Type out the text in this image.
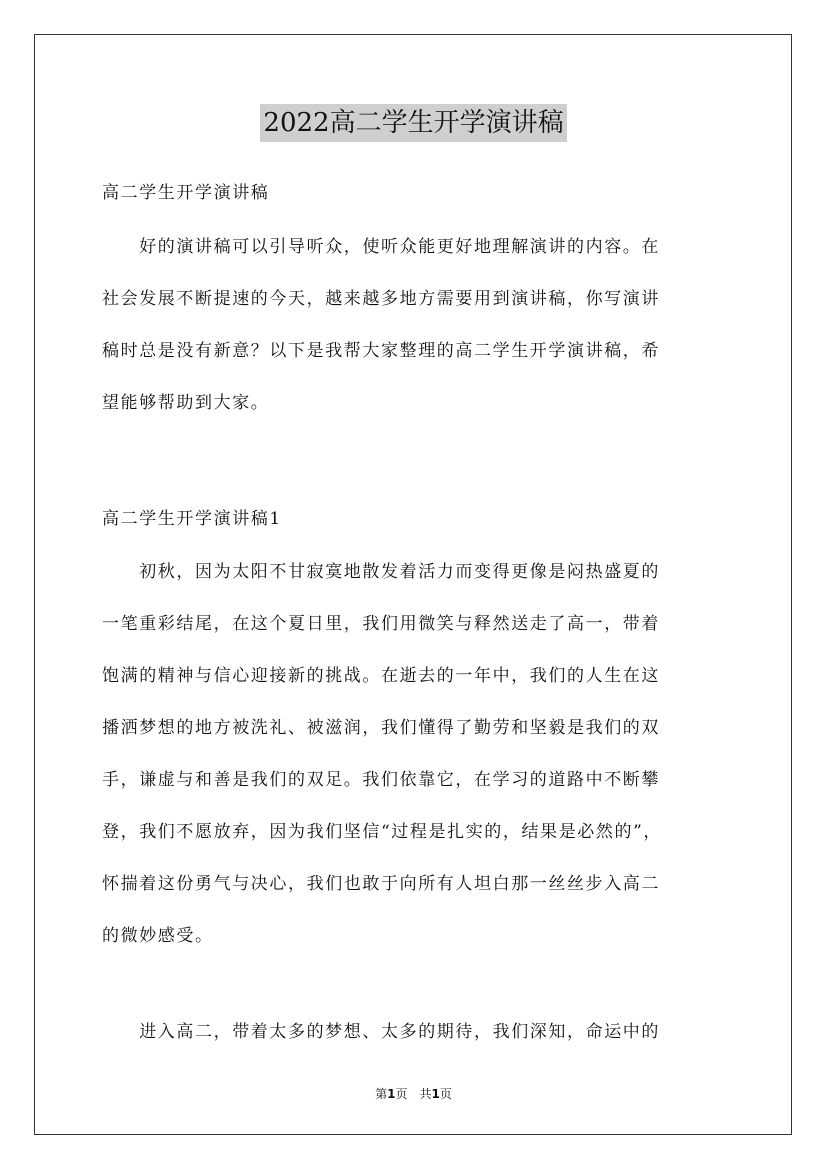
2022高二学生开学演讲稿
高二学生开学演讲稿
　　好的演讲稿可以引导听众，使听众能更好地理解演讲的内容。在
社会发展不断提速的今天，越来越多地方需要用到演讲稿，你写演讲
稿时总是没有新意？以下是我帮大家整理的高二学生开学演讲稿，希
望能够帮助到大家。
高二学生开学演讲稿1
　　初秋，因为太阳不甘寂寞地散发着活力而变得更像是闷热盛夏的
一笔重彩结尾，在这个夏日里，我们用微笑与释然送走了高一，带着
饱满的精神与信心迎接新的挑战。在逝去的一年中，我们的人生在这
播洒梦想的地方被洗礼、被滋润，我们懂得了勤劳和坚毅是我们的双
手，谦虚与和善是我们的双足。我们依靠它，在学习的道路中不断攀
登，我们不愿放弃，因为我们坚信“过程是扎实的，结果是必然的”，
怀揣着这份勇气与决心，我们也敢于向所有人坦白那一丝丝步入高二
的微妙感受。
　　进入高二，带着太多的梦想、太多的期待，我们深知，命运中的
第1页　共1页
